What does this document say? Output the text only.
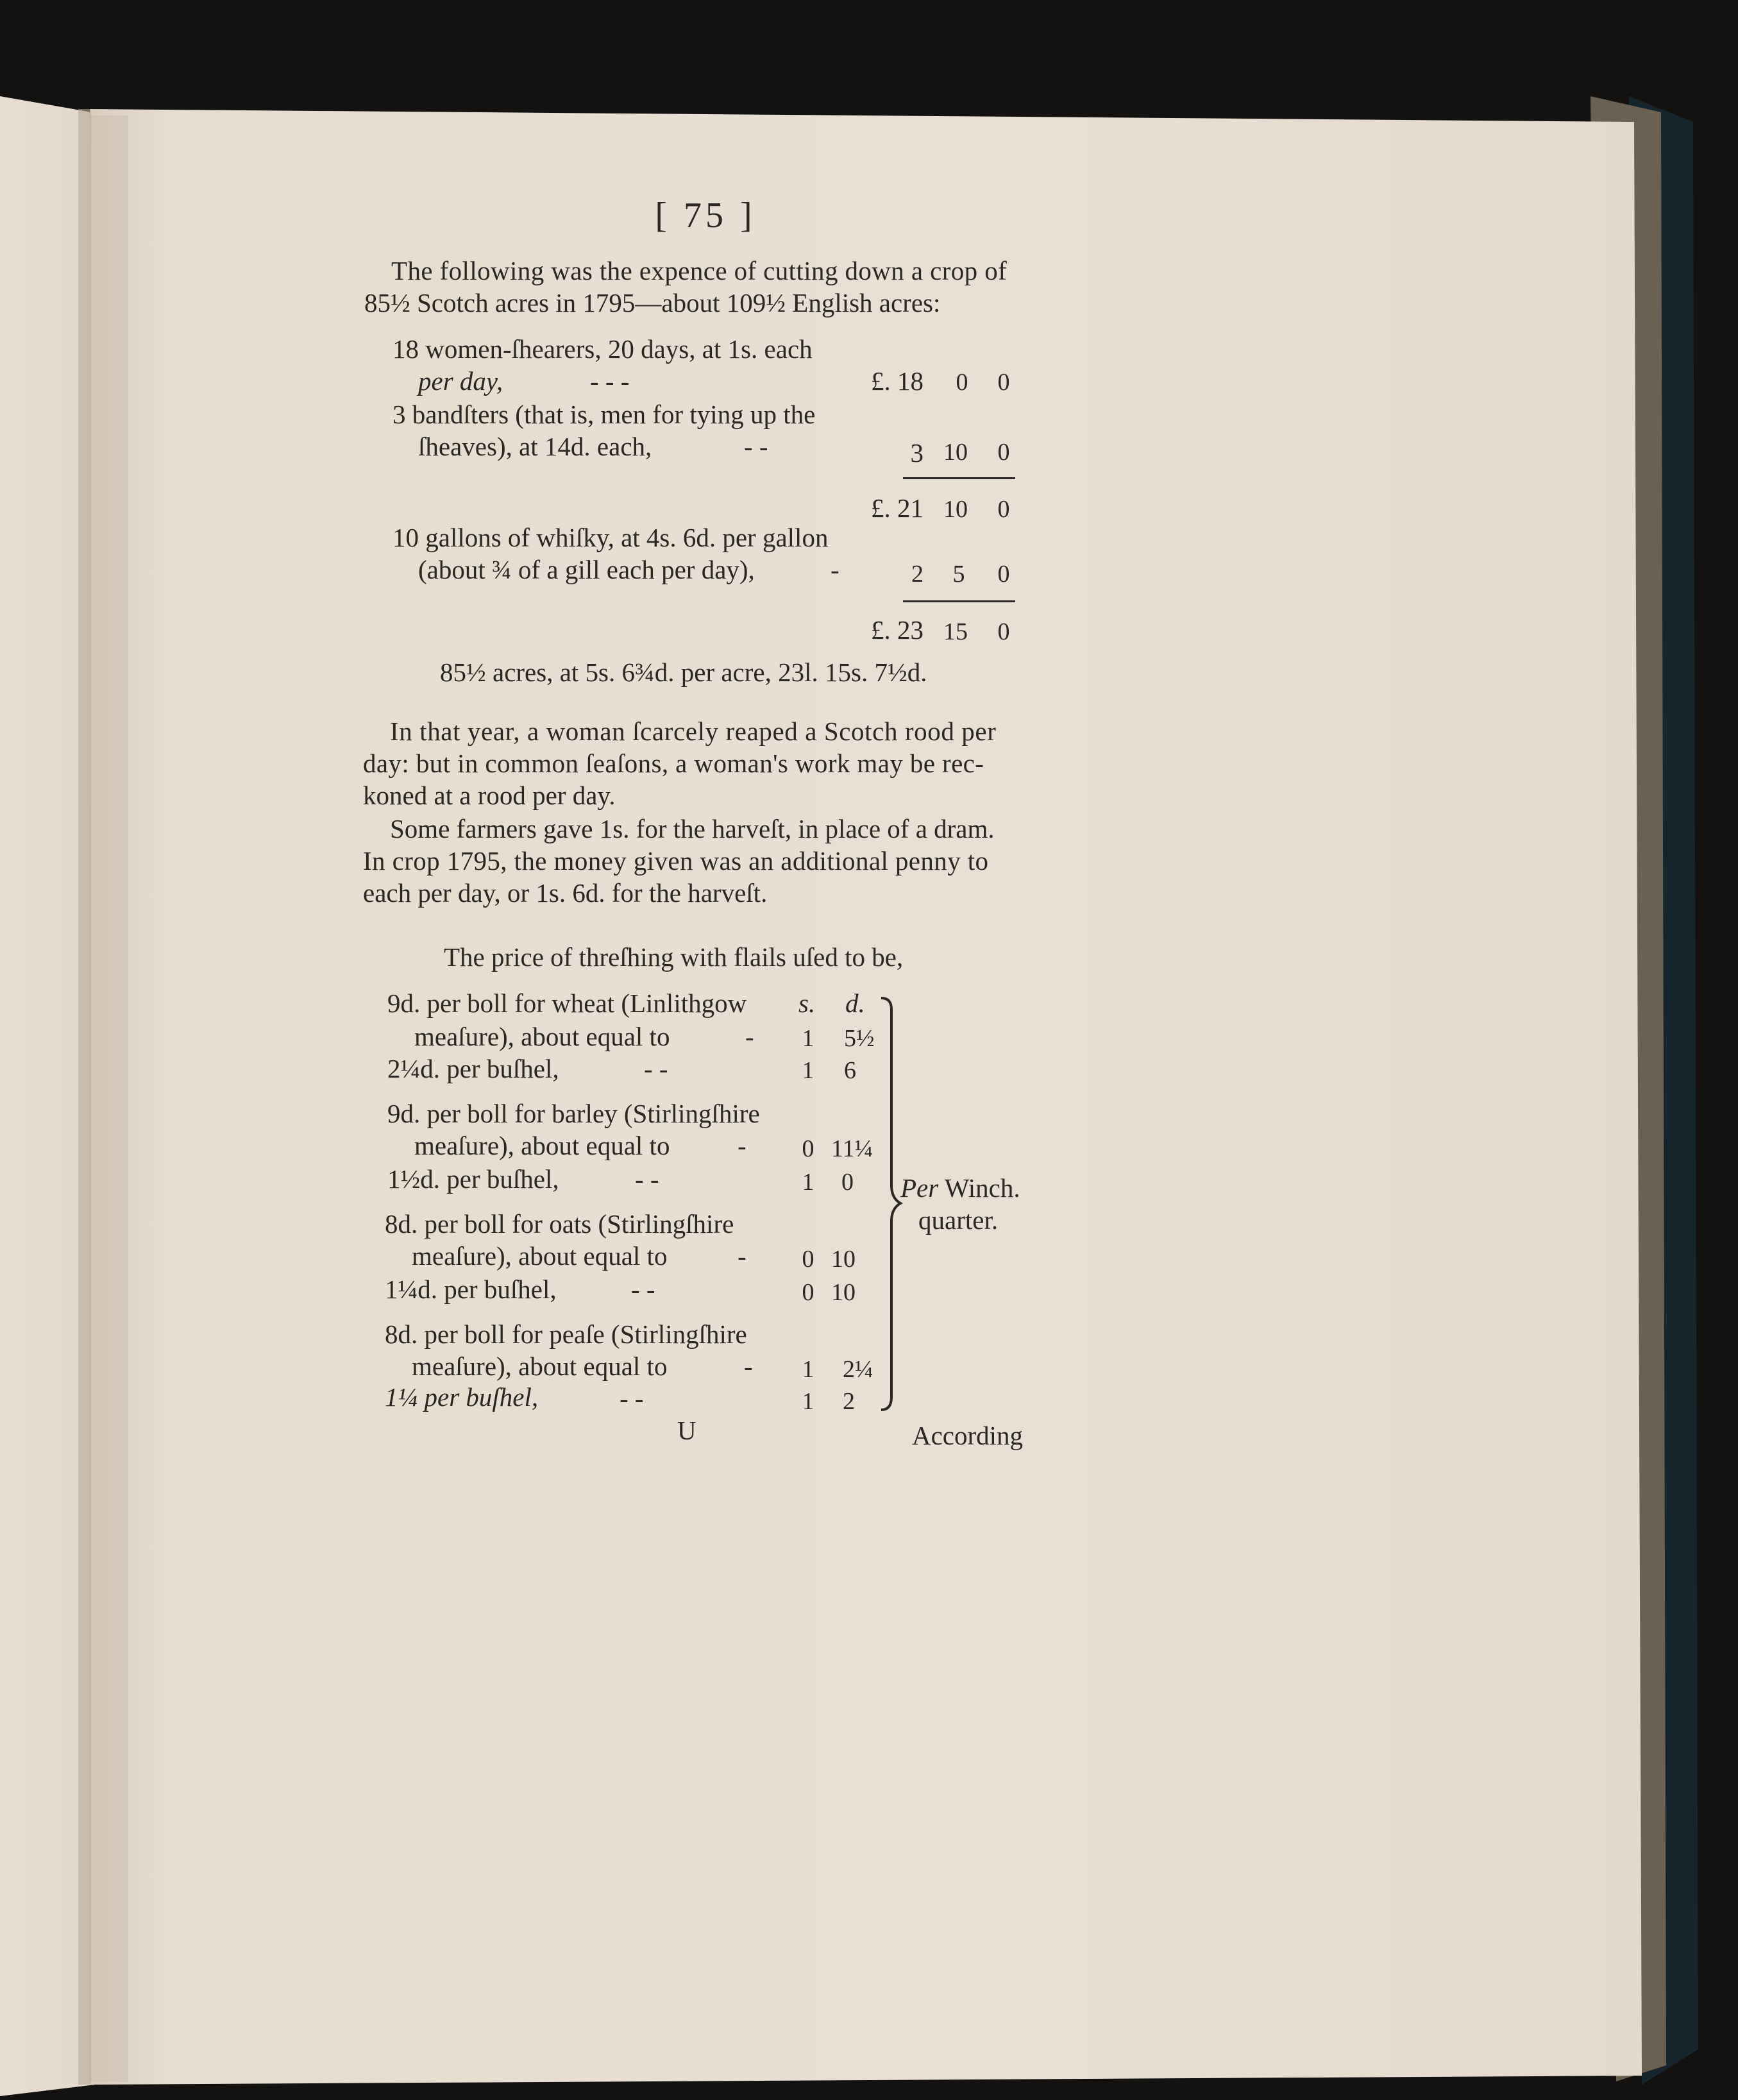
[ 75 ]
The following was the expence of cutting down a crop of
85½ Scotch acres in 1795—about 109½ English acres:
18 women-ſhearers, 20 days, at 1s. each
per day,	- - -	£. 18	0	0
3 bandſters (that is, men for tying up the
ſheaves), at 14d. each,	- -	3 10	0
£. 21 10	0
10 gallons of whiſky, at 4s. 6d. per gallon
(about ¾ of a gill each per day),	-	2	5	0
£. 23 15	0
85½ acres, at 5s. 6¾d. per acre, 23l. 15s. 7½d.
In that year, a woman ſcarcely reaped a Scotch rood per
day: but in common ſeaſons, a woman's work may be rec-
koned at a rood per day.
Some farmers gave 1s. for the harveſt, in place of a dram.
In crop 1795, the money given was an additional penny to
each per day, or 1s. 6d. for the harveſt.
The price of threſhing with flails uſed to be,
s. d.
9d. per boll for wheat (Linlithgow
meaſure), about equal to	- 1 5½
2¼d. per buſhel,	- -	1 6
9d. per boll for barley (Stirlingſhire
meaſure), about equal to	- 0 11¼
1½d. per buſhel,	- -	1 0
8d. per boll for oats (Stirlingſhire
meaſure), about equal to	- 0 10
1¼d. per buſhel,	- -	0 10
8d. per boll for peaſe (Stirlingſhire
meaſure), about equal to	- 1 2¼
1¼ per buſhel,	- -	1 2
Per Winch.
quarter.
U	According
